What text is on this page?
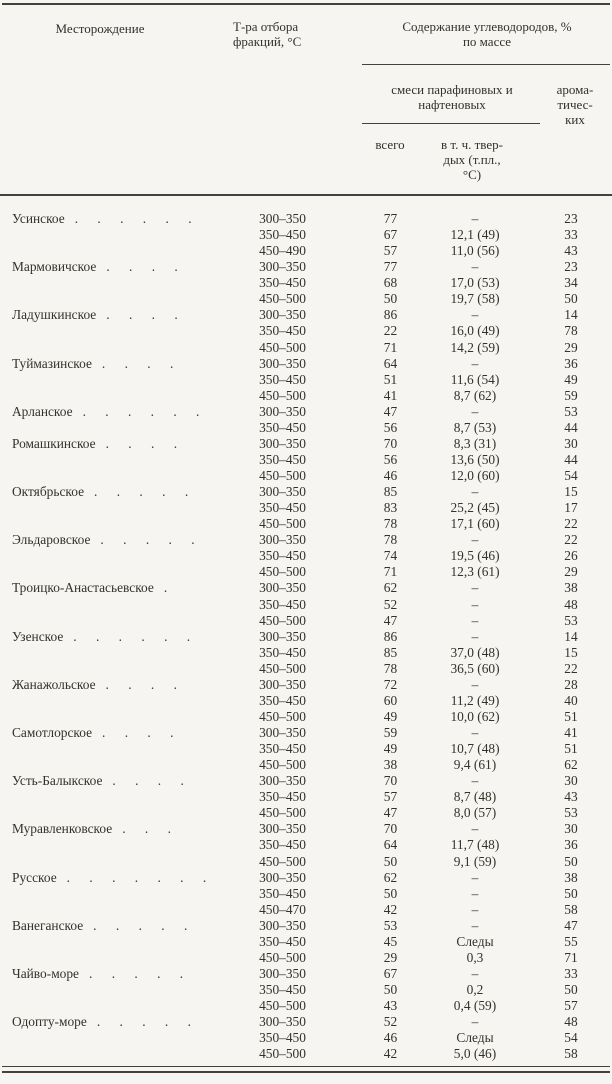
Месторождение	Т-ра отбора
фракций, °С
Содержание углеводородов, %
по массе
смеси парафиновых и
нафтеновых
арома-
тичес-
ких
всего	в т. ч. твер-
дых (т.пл.,
°С)
Усинское . . . . . .	300–350	77	–	23
350–450	67	12,1 (49)	33
450–490	57	11,0 (56)	43
Мармовичское . . . .	300–350	77	–	23
350–450	68	17,0 (53)	34
450–500	50	19,7 (58)	50
Ладушкинское . . . .	300–350	86	–	14
350–450	22	16,0 (49)	78
450–500	71	14,2 (59)	29
Туймазинское . . . .	300–350	64	–	36
350–450	51	11,6 (54)	49
450–500	41	8,7 (62)	59
Арланское . . . . . .	300–350	47	–	53
350–450	56	8,7 (53)	44
Ромашкинское . . . .	300–350	70	8,3 (31)	30
350–450	56	13,6 (50)	44
450–500	46	12,0 (60)	54
Октябрьское . . . . .	300–350	85	–	15
350–450	83	25,2 (45)	17
450–500	78	17,1 (60)	22
Эльдаровское . . . . .	300–350	78	–	22
350–450	74	19,5 (46)	26
450–500	71	12,3 (61)	29
Троицко-Анастасьевское .	300–350	62	–	38
350–450	52	–	48
450–500	47	–	53
Узенское . . . . . .	300–350	86	–	14
350–450	85	37,0 (48)	15
450–500	78	36,5 (60)	22
Жанажольское . . . .	300–350	72	–	28
350–450	60	11,2 (49)	40
450–500	49	10,0 (62)	51
Самотлорское . . . .	300–350	59	–	41
350–450	49	10,7 (48)	51
450–500	38	9,4 (61)	62
Усть-Балыкское . . . .	300–350	70	–	30
350–450	57	8,7 (48)	43
450–500	47	8,0 (57)	53
Муравленковское . . .	300–350	70	–	30
350–450	64	11,7 (48)	36
450–500	50	9,1 (59)	50
Русское . . . . . . .	300–350	62	–	38
350–450	50	–	50
450–470	42	–	58
Ванеганское . . . . .	300–350	53	–	47
350–450	45	Следы	55
450–500	29	0,3	71
Чайво-море . . . . .	300–350	67	–	33
350–450	50	0,2	50
450–500	43	0,4 (59)	57
Одопту-море . . . . .	300–350	52	–	48
350–450	46	Следы	54
450–500	42	5,0 (46)	58
